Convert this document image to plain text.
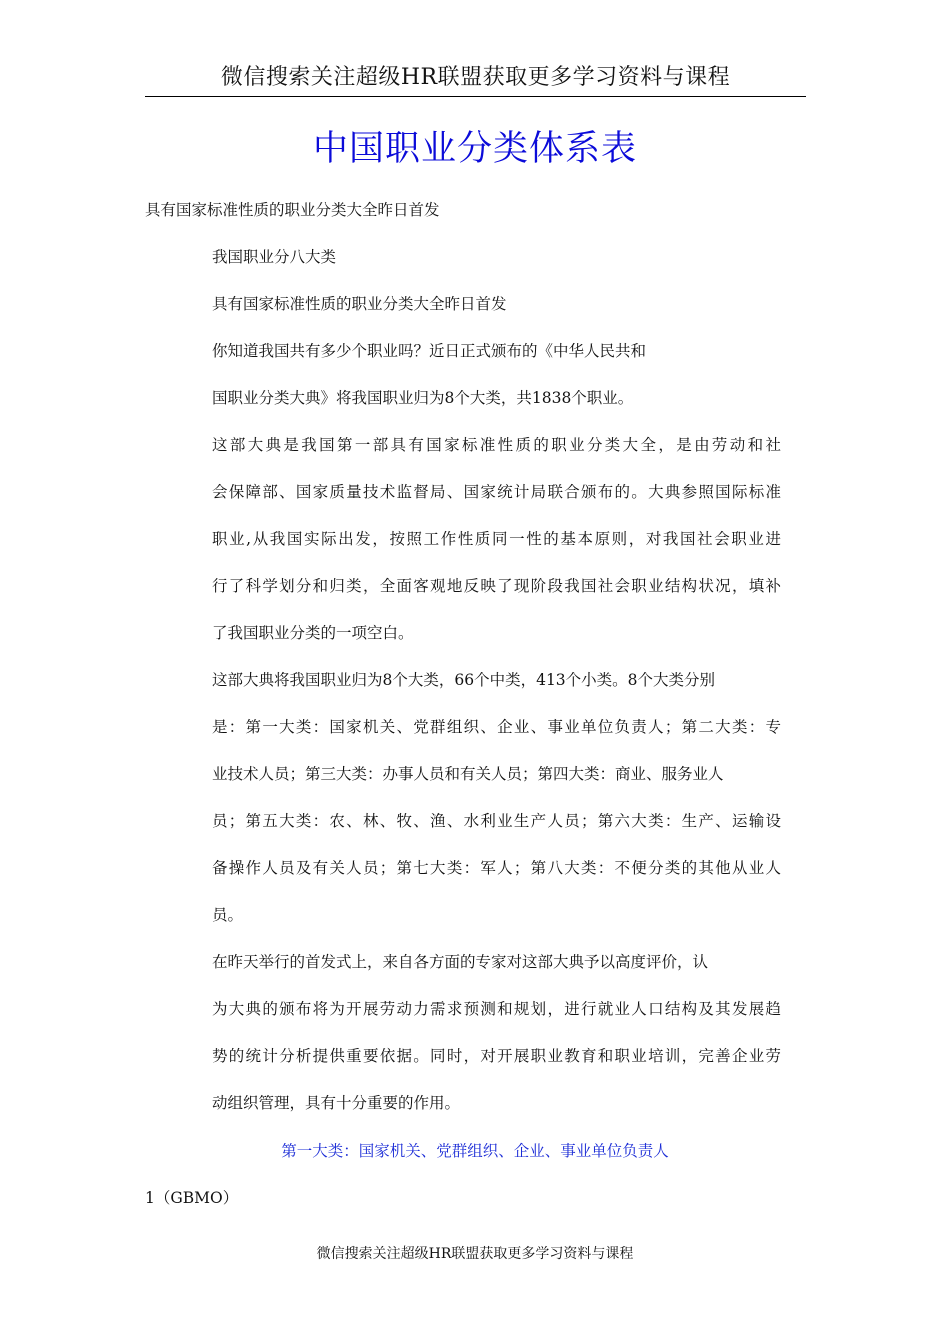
微信搜索关注超级HR联盟获取更多学习资料与课程
中国职业分类体系表
具有国家标准性质的职业分类大全昨日首发
我国职业分八大类
具有国家标准性质的职业分类大全昨日首发
你知道我国共有多少个职业吗？近日正式颁布的《中华人民共和
国职业分类大典》将我国职业归为8个大类，共1838个职业。
这部大典是我国第一部具有国家标准性质的职业分类大全，是由劳动和社
会保障部、国家质量技术监督局、国家统计局联合颁布的。大典参照国际标准
职业,从我国实际出发，按照工作性质同一性的基本原则，对我国社会职业进
行了科学划分和归类，全面客观地反映了现阶段我国社会职业结构状况，填补
了我国职业分类的一项空白。
这部大典将我国职业归为8个大类，66个中类，413个小类。8个大类分别
是：第一大类：国家机关、党群组织、企业、事业单位负责人；第二大类：专
业技术人员；第三大类：办事人员和有关人员；第四大类：商业、服务业人
员；第五大类：农、林、牧、渔、水利业生产人员；第六大类：生产、运输设
备操作人员及有关人员；第七大类：军人；第八大类：不便分类的其他从业人
员。
在昨天举行的首发式上，来自各方面的专家对这部大典予以高度评价，认
为大典的颁布将为开展劳动力需求预测和规划，进行就业人口结构及其发展趋
势的统计分析提供重要依据。同时，对开展职业教育和职业培训，完善企业劳
动组织管理，具有十分重要的作用。
第一大类：国家机关、党群组织、企业、事业单位负责人
1（GBMO）
微信搜索关注超级HR联盟获取更多学习资料与课程
